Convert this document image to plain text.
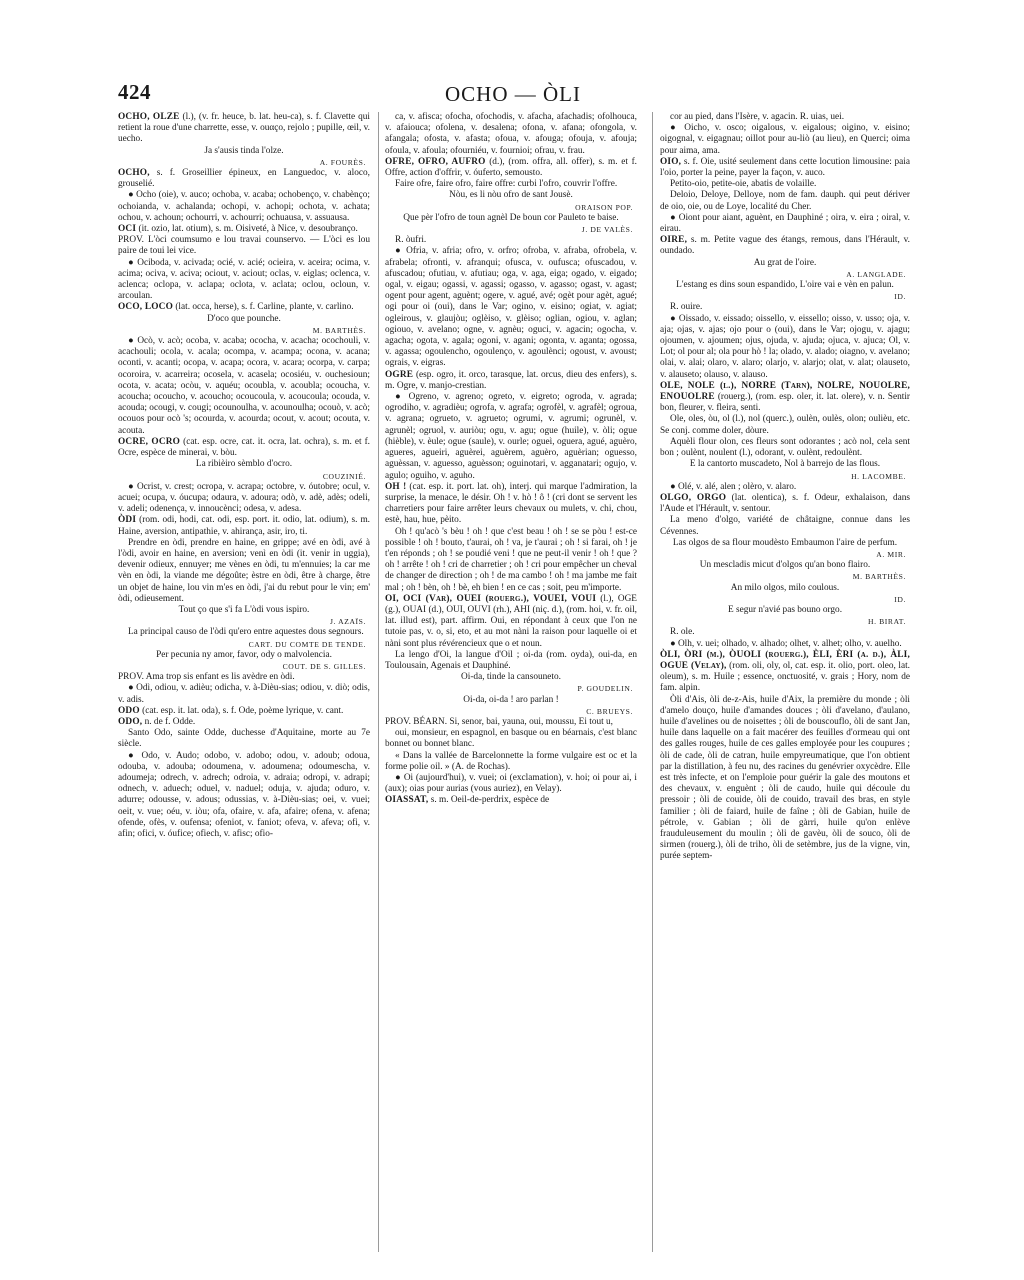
424	OCHO — ÒLI

OCHO, OLZE (l.), (v. fr. heuce, b. lat. heu-ca), s. f. Clavette qui retient la roue d'une charrette, esse, v. ouαço, rejolo ; pupille, œil, v. uecho.

Ja s'ausis tinda l'olze.

A. FOURÈS.

OCHO, s. f. Groseillier épineux, en Languedoc, v. aloco, grouselié.

● Ocho (oie), v. auco; ochoba, v. acaba; ochobenço, v. chabènço; ochoianda, v. achalanda; ochopi, v. achopi; ochota, v. achata; ochou, v. achoun; ochourri, v. achourri; ochuausa, v. assuausa.

OCI (it. ozio, lat. otium), s. m. Oisiveté, à Nice, v. desoubrançο.

PROV. L'òci coumsumo e lou travai counservo. — L'òci es lou paire de toui lei vice.

● Ociboda, v. acivada; ocié, v. acié; ocieira, v. aceira; ocima, v. acima; ociva, v. aciva; ociout, v. aciout; oclas, v. eiglas; oclenca, v. aclenca; oclopa, v. aclapa; oclota, v. aclata; oclou, ocloun, v. arcoulan.

OCO, LOCO (lat. occa, herse), s. f. Carline, plante, v. carlino.

D'oco que pounche.

M. BARTHÈS.

● Ocò, v. acò; ocoba, v. acaba; ococha, v. acacha; ocochouli, v. acachouli; ocola, v. acala; ocompa, v. acampa; ocona, v. acana; oconti, v. acanti; ocopa, v. acapa; ocora, v. acara; ocorpa, v. carpa; ocoroira, v. acarreira; ocosela, v. acasela; ocosiéu, v. ouchesioun; ocota, v. acata; ocòu, v. aquéu; ocoubla, v. acoubla; ocoucha, v. acoucha; ocoucho, v. acoucho; ocoucoula, v. acoucoula; ocouda, v. acouda; ocougi, v. cougi; ocounoulha, v. acounoulha; ocouò, v. acò; ocouos pour ocò 's; ocourda, v. acourda; ocout, v. acout; ocouta, v. acouta.

OCRE, OCRO (cat. esp. ocre, cat. it. ocra, lat. ochra), s. m. et f. Ocre, espèce de minerai, v. bòu.

La ribièiro sèmblo d'ocro.

COUZINIÉ.

● Ocrist, v. crest; ocropa, v. acrapa; octobre, v. óutobre; ocul, v. acuei; ocupa, v. óucupa; odaura, v. adoura; odò, v. adè, adès; odeli, v. adeli; odenença, v. innoucènci; odesa, v. adesa.

ÒDI (rom. odi, hodi, cat. odi, esp. port. it. odio, lat. odium), s. m. Haine, aversion, antipathie, v. ahirança, asir, iro, ti.

Prendre en òdi, prendre en haine, en grippe; avé en òdi, avé à l'òdi, avoir en haine, en aversion; venì en òdi (it. venir in uggia), devenir odieux, ennuyer; me vènes en òdi, tu m'ennuies; la car me vèn en òdi, la viande me dégoûte; èstre en òdi, être à charge, être un objet de haine, lou vin m'es en òdi, j'ai du rebut pour le vin; em' òdi, odieusement.

Tout ço que s'i fa L'òdi vous ispiro.

J. AZAÏS.

La principal causo de l'òdi qu'ero entre aquestes dous segnours.

CART. DU COMTE DE TENDE.

Per pecunia ny amor, favor, ody o malvolencia.

COUT. DE S. GILLES.

PROV. Ama trop sis enfant es lis avèdre en òdi.

● Odì, odiou, v. adièu; odicha, v. à-Dièu-sias; odiou, v. diò; odis, v. adis.

ODO (cat. esp. it. lat. oda), s. f. Ode, poème lyrique, v. cant.

ODO, n. de f. Odde.

Santo Odo, sainte Odde, duchesse d'Aquitaine, morte au 7e siècle.

● Odo, v. Audo; odobo, v. adobo; odou, v. adoub; odoua, odouba, v. adouba; odoumena, v. adoumena; odoumescha, v. adoumeja; odrech, v. adrech; odroia, v. adraia; odropi, v. adrapi; odnech, v. aduech; oduel, v. naduel; oduja, v. ajuda; oduro, v. adurre; odousse, v. adous; odussias, v. à-Dièu-sias; oei, v. vuei; oeit, v. vue; oéu, v. iòu; ofa, ofaire, v. afa, afaire; ofena, v. afena; ofende, ofès, v. oufensa; ofeniot, v. faniot; ofeva, v. afeva; ofi, v. afin; ofici, v. óufice; ofiech, v. afisc; ofio-

ca, v. afisca; ofocha, ofochodis, v. afacha, afachadis; ofolhouca, v. afaiouca; ofolena, v. desalena; ofona, v. afana; ofongola, v. afangala; ofosta, v. afasta; ofoua, v. afouga; ofouja, v. afouja; ofoula, v. afoula; ofourniéu, v. fournioi; ofrau, v. frau.

OFRE, OFRO, AUFRO (d.), (rom. offra, all. offer), s. m. et f. Offre, action d'offrir, v. óuferto, semousto.

Faire ofre, faire ofro, faire offre: curbi l'ofro, couvrir l'offre.

Nòu, es li nòu ofro de sant Jousè.

ORAISON POP.

Que pèr l'ofro de toun agnèl De boun cor Pauleto te baise.

J. DE VALÈS.

R. òufri.

● Ofria, v. afria; ofro, v. orfro; ofroba, v. afraba, ofrobela, v. afrabela; ofronti, v. afranqui; ofusca, v. oufusca; ofuscadou, v. afuscadou; ofutiau, v. afutiau; oga, v. aga, eiga; ogado, v. eigado; ogal, v. eigau; ogassi, v. agassi; ogasso, v. agasso; ogast, v. agast; ogent pour agent, aguènt; ogere, v. agué, avé; ogèt pour agèt, agué; ogi pour oi (oui), dans le Var; ogino, v. eisino; ogiat, v. agiat; ogleirous, v. glaujòu; oglèiso, v. glèiso; oglian, ogiou, v. aglan; ogiouo, v. avelano; ogne, v. agnèu; oguci, v. agacin; ogocha, v. agacha; ogota, v. agala; ogoni, v. agani; ogonta, v. aganta; ogossa, v. agassa; ogoulencho, ogoulenço, v. agoulènci; ogoust, v. avoust; ograis, v. eigras.

OGRE (esp. ogro, it. orco, tarasque, lat. orcus, dieu des enfers), s. m. Ogre, v. manjo-crestian.

● Ogreno, v. agreno; ogreto, v. eigreto; ogroda, v. agrada; ogrodiho, v. agradièu; ogrofa, v. agrafa; ogrofèl, v. agrafèl; ogroua, v. agrana; ogrueto, v. agrueto; ogrumi, v. agrumi; ogrunèl, v. agrunèl; ogruol, v. auriòu; ogu, v. agu; ogue (huile), v. òli; ogue (hièble), v. èule; ogue (saule), v. ourle; ogueì, oguera, agué, aguèro, agueres, agueiri, aguèrei, aguèrem, aguèro, aguèrian; oguesso, aguèssan, v. aguesso, aguèsson; oguinotari, v. agganatari; ogujo, v. agulo; oguiho, v. aguho.

OH ! (cat. esp. it. port. lat. oh), interj. qui marque l'admiration, la surprise, la menace, le désir. Oh ! v. hò ! ô ! (cri dont se servent les charretiers pour faire arrêter leurs chevaux ou mulets, v. chi, chou, estè, hau, hue, pèito.

Oh ! qu'acò 's bèu ! oh ! que c'est beau ! oh ! se se pòu ! est-ce possible ! oh ! bouto, t'aurai, oh ! va, je t'aurai ; oh ! si farai, oh ! je t'en réponds ; oh ! se poudié veni ! que ne peut-il venir ! oh ! que ? oh ! arrête ! oh ! cri de charretier ; oh ! cri pour empêcher un cheval de changer de direction ; oh ! de ma cambo ! oh ! ma jambe me fait mal ; oh ! bèn, oh ! bè, eh bien ! en ce cas ; soit, peu m'importe.

OI, OCI (Var), OUEI (rouerg.), VOUEI, VOUI (l.), OGE (g.), OUAI (d.), OUI, OUVI (rh.), AHI (niç. d.), (rom. hoi, v. fr. oil, lat. illud est), part. affirm. Oui, en répondant à ceux que l'on ne tutoie pas, v. o, si, eto, et au mot nàni la raison pour laquelle oi et nàni sont plus révérencieux que o et noun.

La lengo d'Oi, la langue d'Oil ; oi-da (rom. oyda), oui-da, en Toulousain, Agenais et Dauphiné.

Oi-da, tinde la cansouneto.

P. GOUDELIN.

Oi-da, oi-da ! aro parlan !

C. BRUEYS.

PROV. BÉARN. Si, senor, bai, yauna, oui, moussu, Ei tout u,

oui, monsieur, en espagnol, en basque ou en béarnais, c'est blanc bonnet ou bonnet blanc.

« Dans la vallée de Barcelonnette la forme vulgaire est oc et la forme polie oil. » (A. de Rochas).

● Oi (aujourd'hui), v. vuei; oi (exclamation), v. hoi; oi pour ai, i (aux); oias pour aurias (vous auriez), en Velay).

OIASSAT, s. m. Oeil-de-perdrix, espèce de

cor au pied, dans l'Isère, v. agacin. R. uias, uei.

● Oicho, v. osco; oigalous, v. eigalous; oigino, v. eisino; oigognal, v. eigagnau; oillot pour au-liò (au lieu), en Querci; oima pour aima, ama.

OIO, s. f. Oie, usité seulement dans cette locution limousine: paia l'oio, porter la peine, payer la façon, v. auco.

Petito-oio, petite-oie, abatis de volaille.

Deloio, Deloye, Delloye, nom de fam. dauph. qui peut dériver de oio, oie, ou de Loye, localité du Cher.

● Oiont pour aiant, aguènt, en Dauphiné ; oira, v. eira ; oiral, v. eirau.

OIRE, s. m. Petite vague des étangs, remous, dans l'Hérault, v. oundado.

Au grat de l'oire.

A. LANGLADE.

L'estang es dins soun espandido, L'oire vai e vèn en palun.

ID.

R. ouire.

● Oissado, v. eissado; oissello, v. eissello; oisso, v. usso; oja, v. aja; ojas, v. ajas; ojo pour o (oui), dans le Var; ojogu, v. ajagu; ojoumen, v. ajoumen; ojus, ojuda, v. ajuda; ojuca, v. ajuca; Ol, v. Lot; ol pour al; ola pour hò ! la; olado, v. alado; oiagno, v. avelano; olai, v. alai; olaro, v. alaro; olarjo, v. alarjo; olat, v. alat; olauseto, v. alauseto; olauso, v. alauso.

OLE, NOLE (l.), NORRE (Tarn), NOLRE, NOUOLRE, ENOUOLRE (rouerg.), (rom. esp. oler, it. lat. olere), v. n. Sentir bon, fleurer, v. fleira, senti.

Ole, oles, òu, ol (l.), nol (querc.), oulèn, oulès, olon; oulièu, etc. Se conj. comme doler, dòure.

Aquèli flour olon, ces fleurs sont odorantes ; acò nol, cela sent bon ; oulènt, noulent (l.), odorant, v. oulènt, redoulènt.

E la cantorto muscadeto, Nol à barrejo de las flous.

H. LACOMBE.

● Olé, v. alé, alen ; olèro, v. alaro.

OLGO, ORGO (lat. olentica), s. f. Odeur, exhalaison, dans l'Aude et l'Hérault, v. sentour.

La meno d'olgo, variété de châtaigne, connue dans les Cévennes.

Las olgos de sa flour moudèsto Embaumon l'aire de perfum.

A. MIR.

Un mescladis micut d'olgos qu'an bono flairo.

M. BARTHÈS.

An milo olgos, milo coulous.

ID.

E segur n'avié pas bouno orgo.

H. BIRAT.

R. ole.

● Olh, v. uei; olhado, v. alhado; olhet, v. alhet; olho, v. auelho.

ÒLI, ÒRI (m.), ÒUOLI (rouerg.), ÈLI, ÈRI (a. d.), ÀLI, OGUE (Velay), (rom. oli, oly, ol, cat. esp. it. olio, port. oleo, lat. oleum), s. m. Huile ; essence, onctuosité, v. grais ; Hory, nom de fam. alpin.

Òli d'Ais, òli de-z-Ais, huile d'Aix, la première du monde ; òli d'amelo douço, huile d'amandes douces ; òli d'avelano, d'aulano, huile d'avelines ou de noisettes ; òli de bouscouflo, òli de sant Jan, huile dans laquelle on a fait macérer des feuilles d'ormeau qui ont des galles rouges, huile de ces galles employée pour les coupures ; òli de cade, òli de catran, huile empyreumatique, que l'on obtient par la distillation, à feu nu, des racines du genévrier oxycèdre. Elle est très infecte, et on l'emploie pour guérir la gale des moutons et des chevaux, v. enguènt ; òli de caudo, huile qui découle du pressoir ; òli de couide, òli de couido, travail des bras, en style familier ; òli de faiard, huile de faîne ; òli de Gabian, huile de pétrole, v. Gabian ; òli de gàrri, huile qu'on enlève frauduleusement du moulin ; òli de gavèu, òli de souco, òli de sirmen (rouerg.), òli de triho, òli de setèmbre, jus de la vigne, vin, purée septem-
